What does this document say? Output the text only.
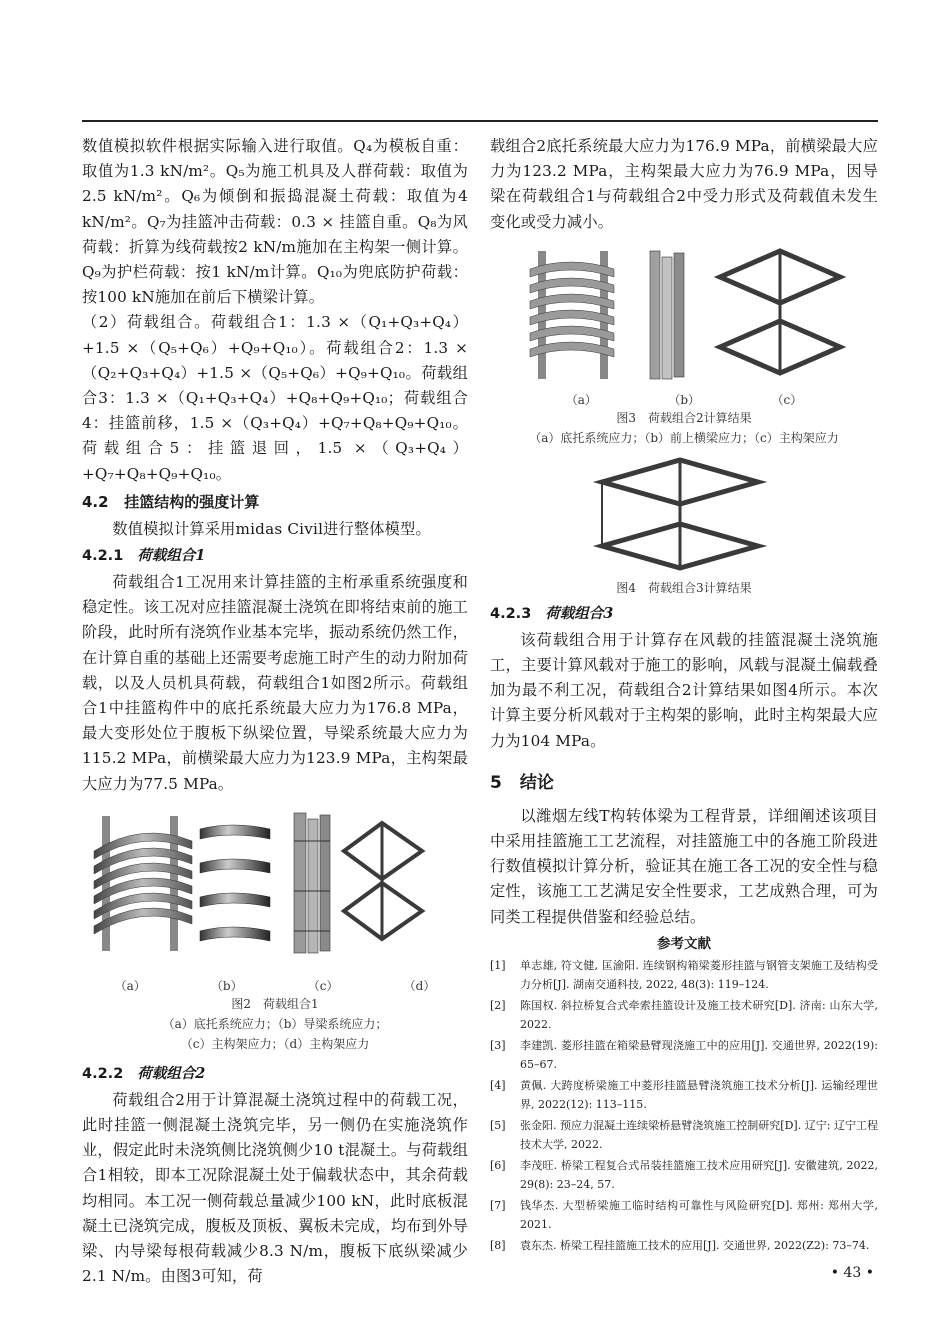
数值模拟软件根据实际输入进行取值。Q₄为模板自重：取值为1.3 kN/m²。Q₅为施工机具及人群荷载：取值为2.5 kN/m²。Q₆为倾倒和振捣混凝土荷载：取值为4 kN/m²。Q₇为挂篮冲击荷载：0.3 × 挂篮自重。Q₈为风荷载：折算为线荷载按2 kN/m施加在主构架一侧计算。Q₉为护栏荷载：按1 kN/m计算。Q₁₀为兜底防护荷载：按100 kN施加在前后下横梁计算。

（2）荷载组合。荷载组合1：1.3 ×（Q₁+Q₃+Q₄）+1.5 ×（Q₅+Q₆）+Q₉+Q₁₀）。荷载组合2：1.3 ×（Q₂+Q₃+Q₄）+1.5 ×（Q₅+Q₆）+Q₉+Q₁₀。荷载组合3：1.3 ×（Q₁+Q₃+Q₄）+Q₈+Q₉+Q₁₀；荷载组合4：挂篮前移，1.5 ×（Q₃+Q₄）+Q₇+Q₈+Q₉+Q₁₀。荷载组合5：挂篮退回，1.5 ×（Q₃+Q₄）+Q₇+Q₈+Q₉+Q₁₀。

4.2 挂篮结构的强度计算

数值模拟计算采用midas Civil进行整体模型。

4.2.1 荷载组合1

荷载组合1工况用来计算挂篮的主桁承重系统强度和稳定性。该工况对应挂篮混凝土浇筑在即将结束前的施工阶段，此时所有浇筑作业基本完毕，振动系统仍然工作，在计算自重的基础上还需要考虑施工时产生的动力附加荷载，以及人员机具荷载，荷载组合1如图2所示。荷载组合1中挂篮构件中的底托系统最大应力为176.8 MPa，最大变形处位于腹板下纵梁位置，导梁系统最大应力为115.2 MPa，前横梁最大应力为123.9 MPa，主构架最大应力为77.5 MPa。

（a）	（b）	（c）	（d）
图2　荷载组合1
（a）底托系统应力；（b）导梁系统应力；
（c）主构架应力；（d）主构架应力
4.2.2 荷载组合2

荷载组合2用于计算混凝土浇筑过程中的荷载工况，此时挂篮一侧混凝土浇筑完毕，另一侧仍在实施浇筑作业，假定此时未浇筑侧比浇筑侧少10 t混凝土。与荷载组合1相较，即本工况除混凝土处于偏载状态中，其余荷载均相同。本工况一侧荷载总量减少100 kN，此时底板混凝土已浇筑完成，腹板及顶板、翼板未完成，均布到外导梁、内导梁每根荷载减少8.3 N/m，腹板下底纵梁减少2.1 N/m。由图3可知，荷

载组合2底托系统最大应力为176.9 MPa，前横梁最大应力为123.2 MPa，主构架最大应力为76.9 MPa，因导梁在荷载组合1与荷载组合2中受力形式及荷载值未发生变化或受力减小。

（a）	（b）	（c）
图3　荷载组合2计算结果
（a）底托系统应力；（b）前上横梁应力；（c）主构架应力
图4　荷载组合3计算结果
4.2.3 荷载组合3

该荷载组合用于计算存在风载的挂篮混凝土浇筑施工，主要计算风载对于施工的影响，风载与混凝土偏载叠加为最不利工况，荷载组合2计算结果如图4所示。本次计算主要分析风载对于主构架的影响，此时主构架最大应力为104 MPa。

5 结论

以潍烟左线T构转体梁为工程背景，详细阐述该项目中采用挂篮施工工艺流程，对挂篮施工中的各施工阶段进行数值模拟计算分析，验证其在施工各工况的安全性与稳定性，该施工工艺满足安全性要求，工艺成熟合理，可为同类工程提供借鉴和经验总结。

参考文献
[1]	单志雄, 符文健, 匡渝阳. 连续钢构箱梁菱形挂篮与钢管支架施工及结构受力分析[J]. 湖南交通科技, 2022, 48(3): 119–124.
[2]	陈国权. 斜拉桥复合式牵索挂篮设计及施工技术研究[D]. 济南: 山东大学, 2022.
[3]	李建凯. 菱形挂篮在箱梁悬臂现浇施工中的应用[J]. 交通世界, 2022(19): 65–67.
[4]	黄佩. 大跨度桥梁施工中菱形挂篮悬臂浇筑施工技术分析[J]. 运输经理世界, 2022(12): 113–115.
[5]	张金阳. 预应力混凝土连续梁桥悬臂浇筑施工控制研究[D]. 辽宁: 辽宁工程技术大学, 2022.
[6]	李茂旺. 桥梁工程复合式吊装挂篮施工技术应用研究[J]. 安徽建筑, 2022, 29(8): 23–24, 57.
[7]	钱华杰. 大型桥梁施工临时结构可靠性与风险研究[D]. 郑州: 郑州大学, 2021.
[8]	袁东杰. 桥梁工程挂篮施工技术的应用[J]. 交通世界, 2022(Z2): 73–74.
• 43 •
